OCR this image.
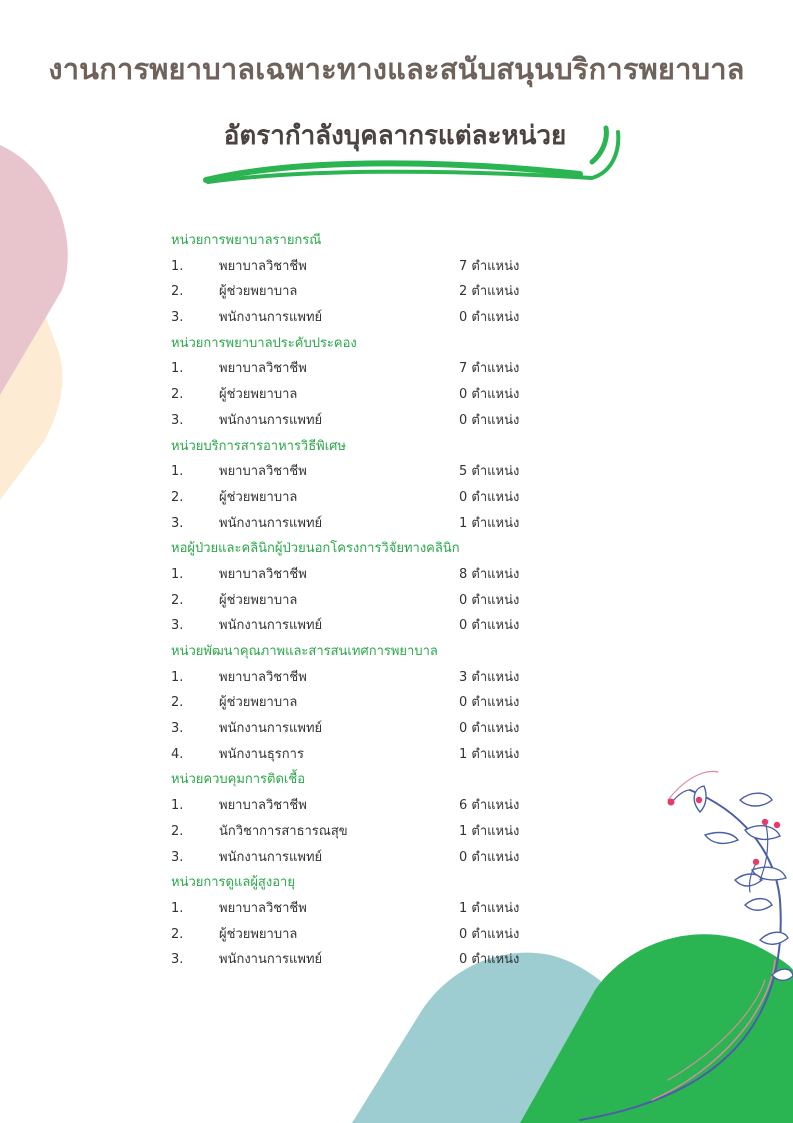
งานการพยาบาลเฉพาะทางและสนับสนุนบริการพยาบาล
อัตรากำลังบุคลากรแต่ละหน่วย
หน่วยการพยาบาลรายกรณี
1.	พยาบาลวิชาชีพ	7 ตำแหน่ง
2.	ผู้ช่วยพยาบาล	2 ตำแหน่ง
3.	พนักงานการแพทย์	0 ตำแหน่ง
หน่วยการพยาบาลประคับประคอง
1.	พยาบาลวิชาชีพ	7 ตำแหน่ง
2.	ผู้ช่วยพยาบาล	0 ตำแหน่ง
3.	พนักงานการแพทย์	0 ตำแหน่ง
หน่วยบริการสารอาหารวิธีพิเศษ
1.	พยาบาลวิชาชีพ	5 ตำแหน่ง
2.	ผู้ช่วยพยาบาล	0 ตำแหน่ง
3.	พนักงานการแพทย์	1 ตำแหน่ง
หอผู้ป่วยและคลินิกผู้ป่วยนอกโครงการวิจัยทางคลินิก
1.	พยาบาลวิชาชีพ	8 ตำแหน่ง
2.	ผู้ช่วยพยาบาล	0 ตำแหน่ง
3.	พนักงานการแพทย์	0 ตำแหน่ง
หน่วยพัฒนาคุณภาพและสารสนเทศการพยาบาล
1.	พยาบาลวิชาชีพ	3 ตำแหน่ง
2.	ผู้ช่วยพยาบาล	0 ตำแหน่ง
3.	พนักงานการแพทย์	0 ตำแหน่ง
4.	พนักงานธุรการ	1 ตำแหน่ง
หน่วยควบคุมการติดเชื้อ
1.	พยาบาลวิชาชีพ	6 ตำแหน่ง
2.	นักวิชาการสาธารณสุข	1 ตำแหน่ง
3.	พนักงานการแพทย์	0 ตำแหน่ง
หน่วยการดูแลผู้สูงอายุ
1.	พยาบาลวิชาชีพ	1 ตำแหน่ง
2.	ผู้ช่วยพยาบาล	0 ตำแหน่ง
3.	พนักงานการแพทย์	0 ตำแหน่ง
